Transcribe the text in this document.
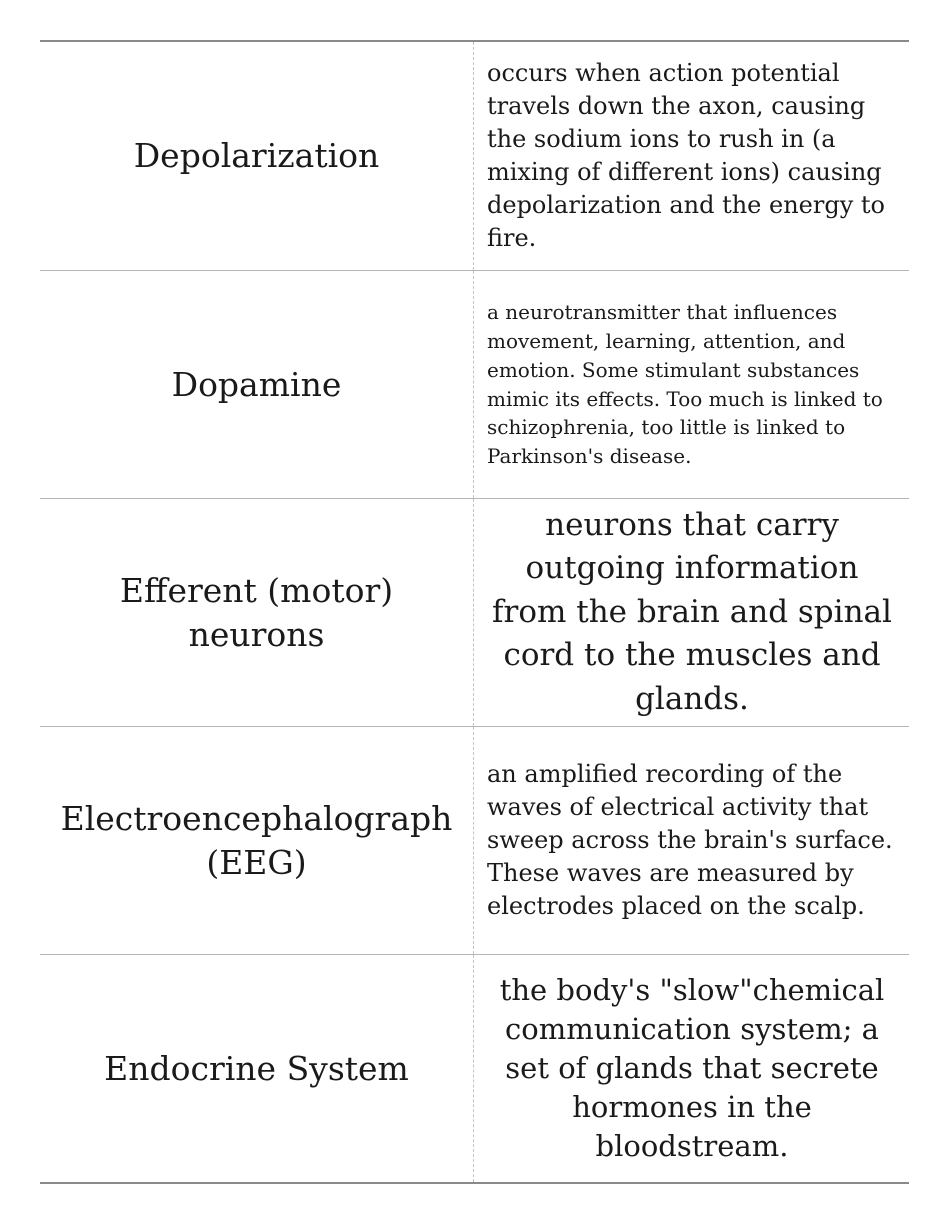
Depolarization
occurs when action potential travels down the axon, causing the sodium ions to rush in (a mixing of different ions) causing depolarization and the energy to fire.
Dopamine
a neurotransmitter that influences movement, learning, attention, and emotion. Some stimulant substances mimic its effects. Too much is linked to schizophrenia, too little is linked to Parkinson's disease.
Efferent (motor) neurons
neurons that carry outgoing information from the brain and spinal cord to the muscles and glands.
Electroencephalograph (EEG)
an amplified recording of the waves of electrical activity that sweep across the brain's surface. These waves are measured by electrodes placed on the scalp.
Endocrine System
the body's "slow"chemical communication system; a set of glands that secrete hormones in the bloodstream.
